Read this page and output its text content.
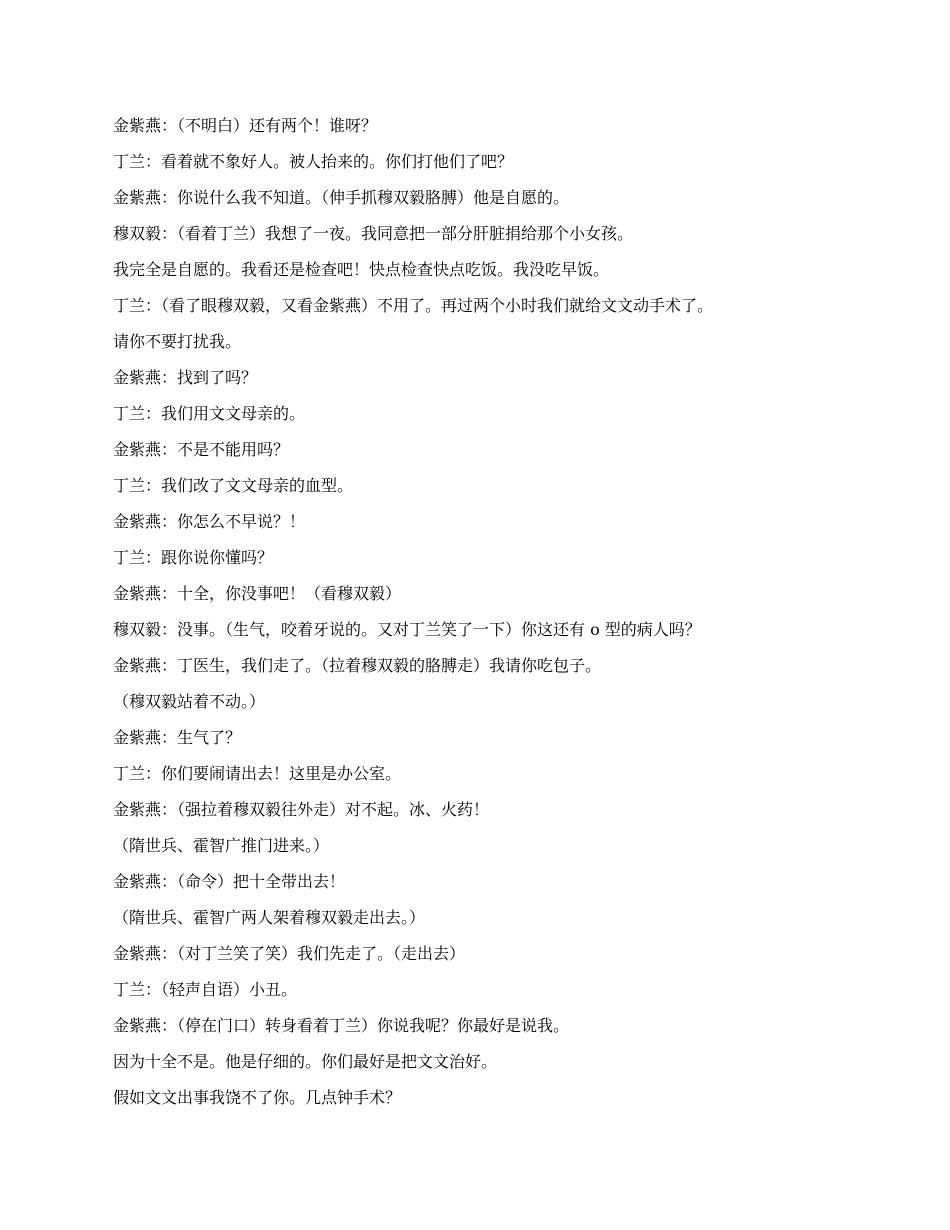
金紫燕：（不明白）还有两个！谁呀？
丁兰：看着就不象好人。被人抬来的。你们打他们了吧？
金紫燕：你说什么我不知道。（伸手抓穆双毅胳膊）他是自愿的。
穆双毅：（看着丁兰）我想了一夜。我同意把一部分肝脏捐给那个小女孩。
我完全是自愿的。我看还是检查吧！快点检查快点吃饭。我没吃早饭。
丁兰：（看了眼穆双毅，又看金紫燕）不用了。再过两个小时我们就给文文动手术了。
请你不要打扰我。
金紫燕：找到了吗？
丁兰：我们用文文母亲的。
金紫燕：不是不能用吗？
丁兰：我们改了文文母亲的血型。
金紫燕：你怎么不早说？！
丁兰：跟你说你懂吗？
金紫燕：十全，你没事吧！（看穆双毅）
穆双毅：没事。（生气，咬着牙说的。又对丁兰笑了一下）你这还有 o 型的病人吗？
金紫燕：丁医生，我们走了。（拉着穆双毅的胳膊走）我请你吃包子。
（穆双毅站着不动。）
金紫燕：生气了？
丁兰：你们要闹请出去！这里是办公室。
金紫燕：（强拉着穆双毅往外走）对不起。冰、火药！
（隋世兵、霍智广推门进来。）
金紫燕：（命令）把十全带出去！
（隋世兵、霍智广两人架着穆双毅走出去。）
金紫燕：（对丁兰笑了笑）我们先走了。（走出去）
丁兰：（轻声自语）小丑。
金紫燕：（停在门口）转身看着丁兰）你说我呢？你最好是说我。
因为十全不是。他是仔细的。你们最好是把文文治好。
假如文文出事我饶不了你。几点钟手术？
